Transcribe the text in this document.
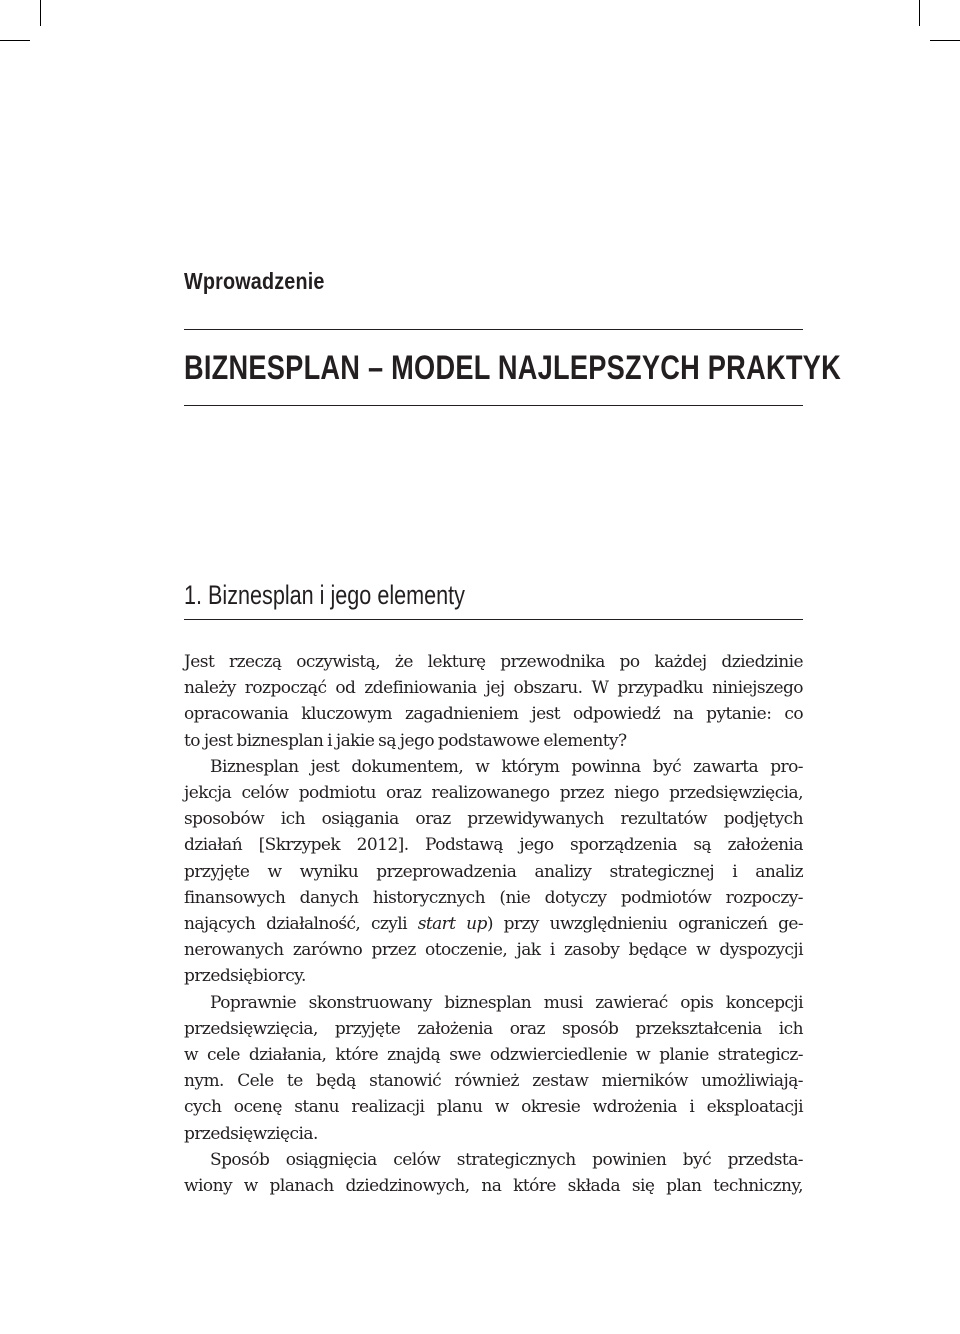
Wprowadzenie
BIZNESPLAN – MODEL NAJLEPSZYCH PRAKTYK
1. Biznesplan i jego elementy
Jest rzeczą oczywistą, że lekturę przewodnika po każdej dziedzinie
należy rozpocząć od zdefiniowania jej obszaru. W przypadku niniejszego
opracowania kluczowym zagadnieniem jest odpowiedź na pytanie: co
to jest biznesplan i jakie są jego podstawowe elementy?
Biznesplan jest dokumentem, w którym powinna być zawarta pro-
jekcja celów podmiotu oraz realizowanego przez niego przedsięwzięcia,
sposobów ich osiągania oraz przewidywanych rezultatów podjętych
działań [Skrzypek 2012]. Podstawą jego sporządzenia są założenia
przyjęte w wyniku przeprowadzenia analizy strategicznej i analiz
finansowych danych historycznych (nie dotyczy podmiotów rozpoczy-
nających działalność, czyli start up) przy uwzględnieniu ograniczeń ge-
nerowanych zarówno przez otoczenie, jak i zasoby będące w dyspozycji
przedsiębiorcy.
Poprawnie skonstruowany biznesplan musi zawierać opis koncepcji
przedsięwzięcia, przyjęte założenia oraz sposób przekształcenia ich
w cele działania, które znajdą swe odzwierciedlenie w planie strategicz-
nym. Cele te będą stanowić również zestaw mierników umożliwiają-
cych ocenę stanu realizacji planu w okresie wdrożenia i eksploatacji
przedsięwzięcia.
Sposób osiągnięcia celów strategicznych powinien być przedsta-
wiony w planach dziedzinowych, na które składa się plan techniczny,
